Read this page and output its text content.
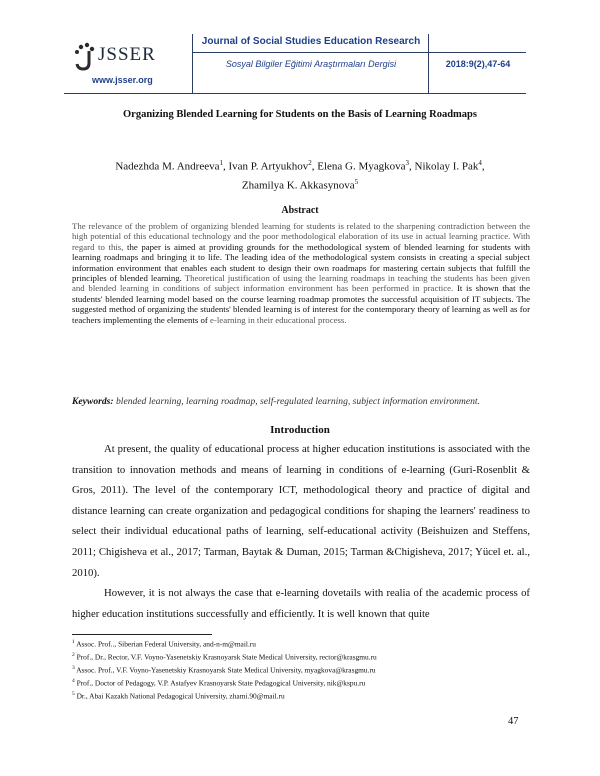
JSSER
www.jsser.org
Journal of Social Studies Education Research
Sosyal Bilgiler Eğitimi Araştırmaları Dergisi	2018:9(2),47-64
Organizing Blended Learning for Students on the Basis of Learning Roadmaps
Nadezhda M. Andreeva$^1$, Ivan P. Artyukhov$^2$, Elena G. Myagkova$^3$, Nikolay I. Pak$^4$,
Zhamilya K. Akkasynova$^5$
Abstract
The relevance of the problem of organizing blended learning for students is related to the sharpening contradiction between the high potential of this educational technology and the poor methodological elaboration of its use in actual learning practice. With regard to this, the paper is aimed at providing grounds for the methodological system of blended learning for students with learning roadmaps and bringing it to life. The leading idea of the methodological system consists in creating a special subject information environment that enables each student to design their own roadmaps for mastering certain subjects that fulfill the principles of blended learning. Theoretical justification of using the learning roadmaps in teaching the students has been given and blended learning in conditions of subject information environment has been performed in practice. It is shown that the students' blended learning model based on the course learning roadmap promotes the successful acquisition of IT subjects. The suggested method of organizing the students' blended learning is of interest for the contemporary theory of learning as well as for teachers implementing the elements of e-learning in their educational process.
Keywords: blended learning, learning roadmap, self-regulated learning, subject information environment.
Introduction

At present, the quality of educational process at higher education institutions is associated with the transition to innovation methods and means of learning in conditions of e-learning (Guri-Rosenblit & Gros, 2011). The level of the contemporary ICT, methodological theory and practice of digital and distance learning can create organization and pedagogical conditions for shaping the learners' readiness to select their individual educational paths of learning, self-educational activity (Beishuizen and Steffens, 2011; Chigisheva et al., 2017; Tarman, Baytak & Duman, 2015; Tarman &Chigisheva, 2017; Yücel et. al., 2010).

However, it is not always the case that e-learning dovetails with realia of the academic process of higher education institutions successfully and efficiently. It is well known that quite

$^1$ Assoc. Prof.., Siberian Federal University, and-n-m@mail.ru
$^2$ Prof., Dr., Rector, V.F. Voyno-Yasenetskiy Krasnoyarsk State Medical University, rector@krasgmu.ru
$^3$ Assoc. Prof., V.F. Voyno-Yasenetskiy Krasnoyarsk State Medical University, myagkova@krasgmu.ru
$^4$ Prof., Doctor of Pedagogy, V.P. Astafyev Krasnoyarsk State Pedagogical University, nik@kspu.ru
$^5$ Dr., Abai Kazakh National Pedagogical University, zhami.90@mail.ru
47
